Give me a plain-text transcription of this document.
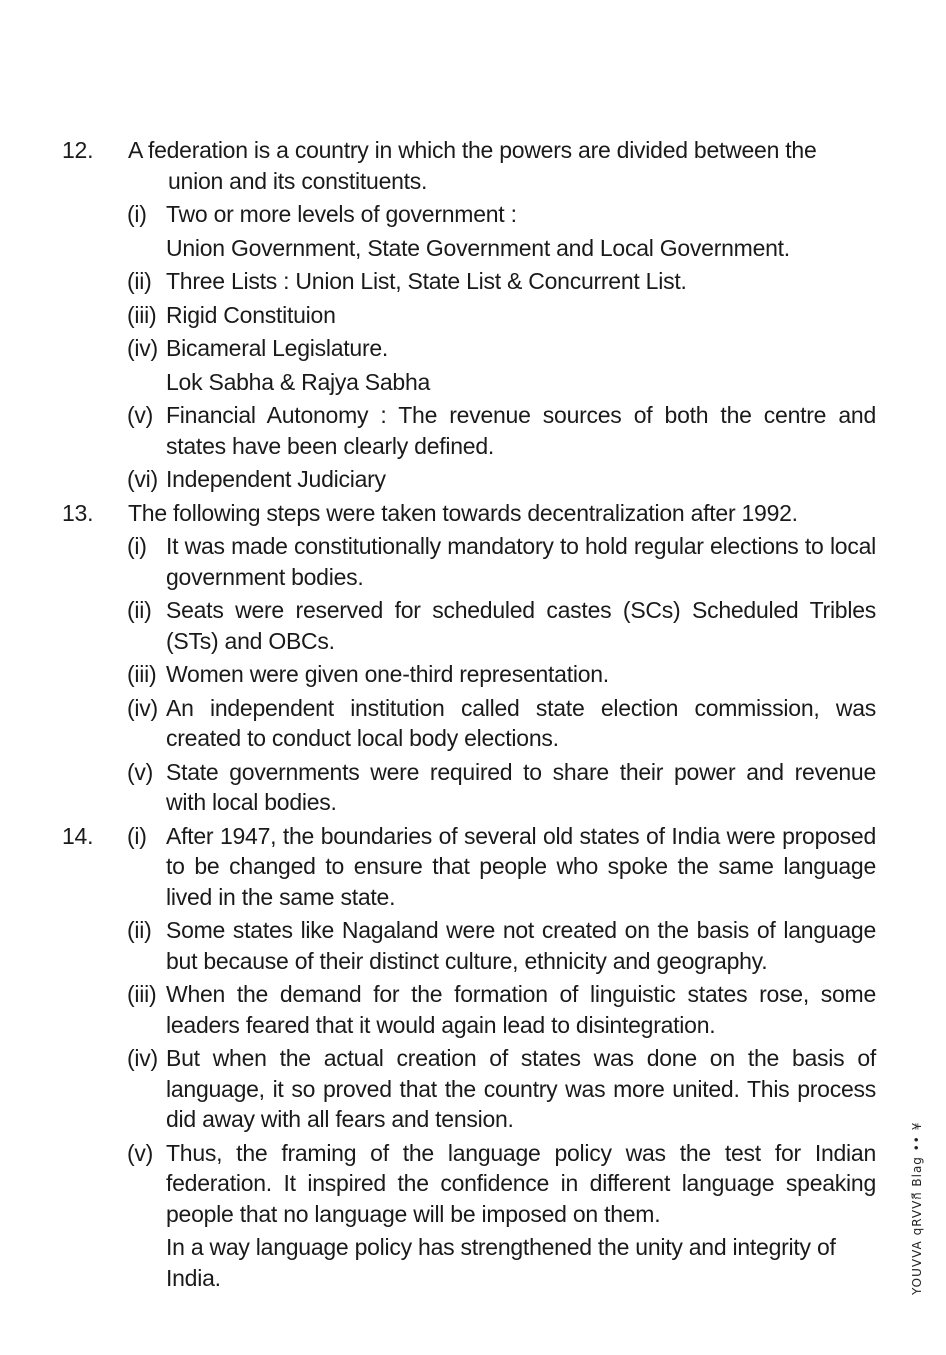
12. A federation is a country in which the powers are divided between the
union and its constituents.
(i) Two or more levels of government :
Union Government, State Government and Local Government.
(ii) Three Lists : Union List, State List & Concurrent List.
(iii) Rigid Constituion
(iv) Bicameral Legislature.
Lok Sabha & Rajya Sabha
(v) Financial Autonomy : The revenue sources of both the centre and states have been clearly defined.
(vi) Independent Judiciary
13. The following steps were taken towards decentralization after 1992.
(i) It was made constitutionally mandatory to hold regular elections to local government bodies.
(ii) Seats were reserved for scheduled castes (SCs) Scheduled Tribles (STs) and OBCs.
(iii) Women were given one-third representation.
(iv) An independent institution called state election commission, was created to conduct local body elections.
(v) State governments were required to share their power and revenue with local bodies.
14. (i) After 1947, the boundaries of several old states of India were proposed to be changed to ensure that people who spoke the same language lived in the same state.
(ii) Some states like Nagaland were not created on the basis of language but because of their distinct culture, ethnicity and geography.
(iii) When the demand for the formation of linguistic states rose, some leaders feared that it would again lead to disintegration.
(iv) But when the actual creation of states was done on the basis of language, it so proved that the country was more united. This process did away with all fears and tension.
(v) Thus, the framing of the language policy was the test for Indian federation. It inspired the confidence in different language speaking people that no language will be imposed on them.
In a way language policy has strengthened the unity and integrity of India.	YOUVVA qRVVกี Blag •• ¥
